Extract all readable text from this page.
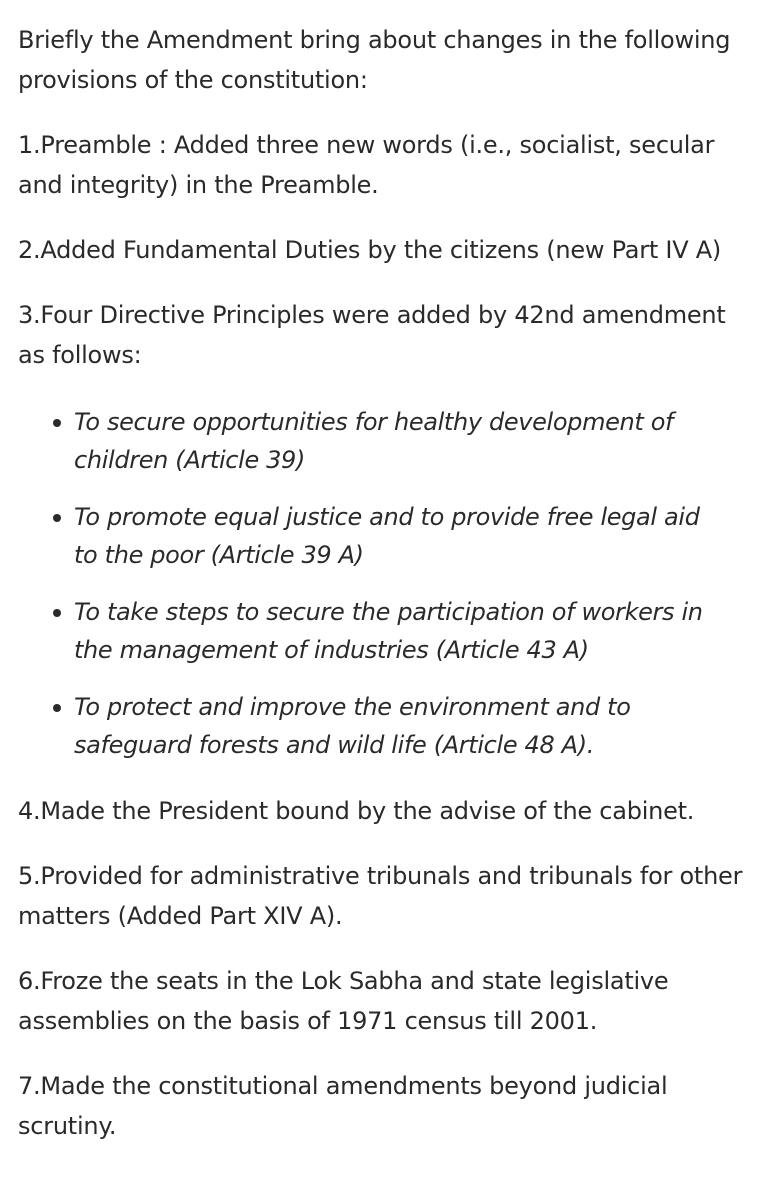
Briefly the Amendment bring about changes in the following provisions of the constitution:

1.Preamble : Added three new words (i.e., socialist, secular and integrity) in the Preamble.

2.Added Fundamental Duties by the citizens (new Part IV A)

3.Four Directive Principles were added by 42nd amendment as follows:

To secure opportunities for healthy development of children (Article 39)
To promote equal justice and to provide free legal aid to the poor (Article 39 A)
To take steps to secure the participation of workers in the management of industries (Article 43 A)
To protect and improve the environment and to safeguard forests and wild life (Article 48 A).

4.Made the President bound by the advise of the cabinet.

5.Provided for administrative tribunals and tribunals for other matters (Added Part XIV A).

6.Froze the seats in the Lok Sabha and state legislative assemblies on the basis of 1971 census till 2001.

7.Made the constitutional amendments beyond judicial scrutiny.
